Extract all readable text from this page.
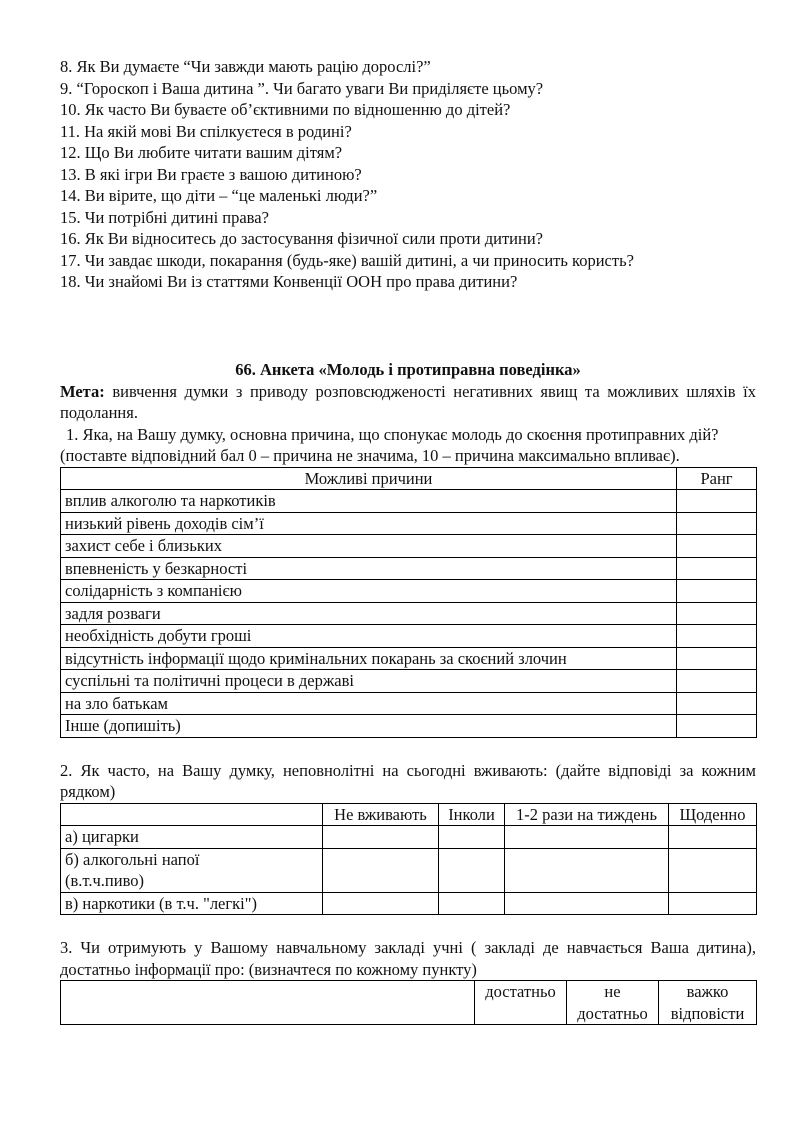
8. Як Ви думаєте “Чи завжди мають рацію дорослі?”
9. “Гороскоп і Ваша дитина ”. Чи багато уваги Ви приділяєте цьому?
10. Як часто Ви буваєте об’єктивними по відношенню до дітей?
11. На якій мові Ви спілкуєтеся в родині?
12. Що Ви любите читати вашим дітям?
13. В які ігри Ви граєте з вашою дитиною?
14. Ви вірите, що діти – “це маленькі люди?”
15. Чи потрібні дитині права?
16. Як Ви відноситесь до застосування фізичної сили проти дитини?
17. Чи завдає шкоди, покарання (будь-яке) вашій дитині, а чи приносить користь?
18. Чи знайомі Ви із статтями Конвенції ООН про права дитини?
66. Анкета «Молодь і протиправна поведінка»
Мета: вивчення думки з приводу розповсюдженості негативних явищ та можливих шляхів їх подолання.
1. Яка, на Вашу думку, основна причина, що спонукає молодь до скоєння протиправних дій? (поставте відповідний бал 0 – причина не значима, 10 – причина максимально впливає).
Можливі причини	Ранг
вплив алкоголю та наркотиків	
низький рівень доходів сім’ї	
захист себе і близьких	
впевненість у безкарності	
солідарність з компанією	
задля розваги	
необхідність добути гроші	
відсутність інформації щодо кримінальних покарань за скоєний злочин	
суспільні та політичні процеси в державі	
на зло батькам	
Інше (допишіть)	
2. Як часто, на Вашу думку, неповнолітні на сьогодні вживають: (дайте відповіді за кожним рядком)
	Не вживають	Інколи	1-2 рази на тиждень	Щоденно
а) цигарки				
б) алкогольні напої (в.т.ч.пиво)				
в) наркотики (в т.ч. "легкі")				
3. Чи отримують у Вашому навчальному закладі учні ( закладі де навчається Ваша дитина), достатньо інформації про: (визначтеся по кожному пункту)
	достатньо	не достатньо	важко відповісти
